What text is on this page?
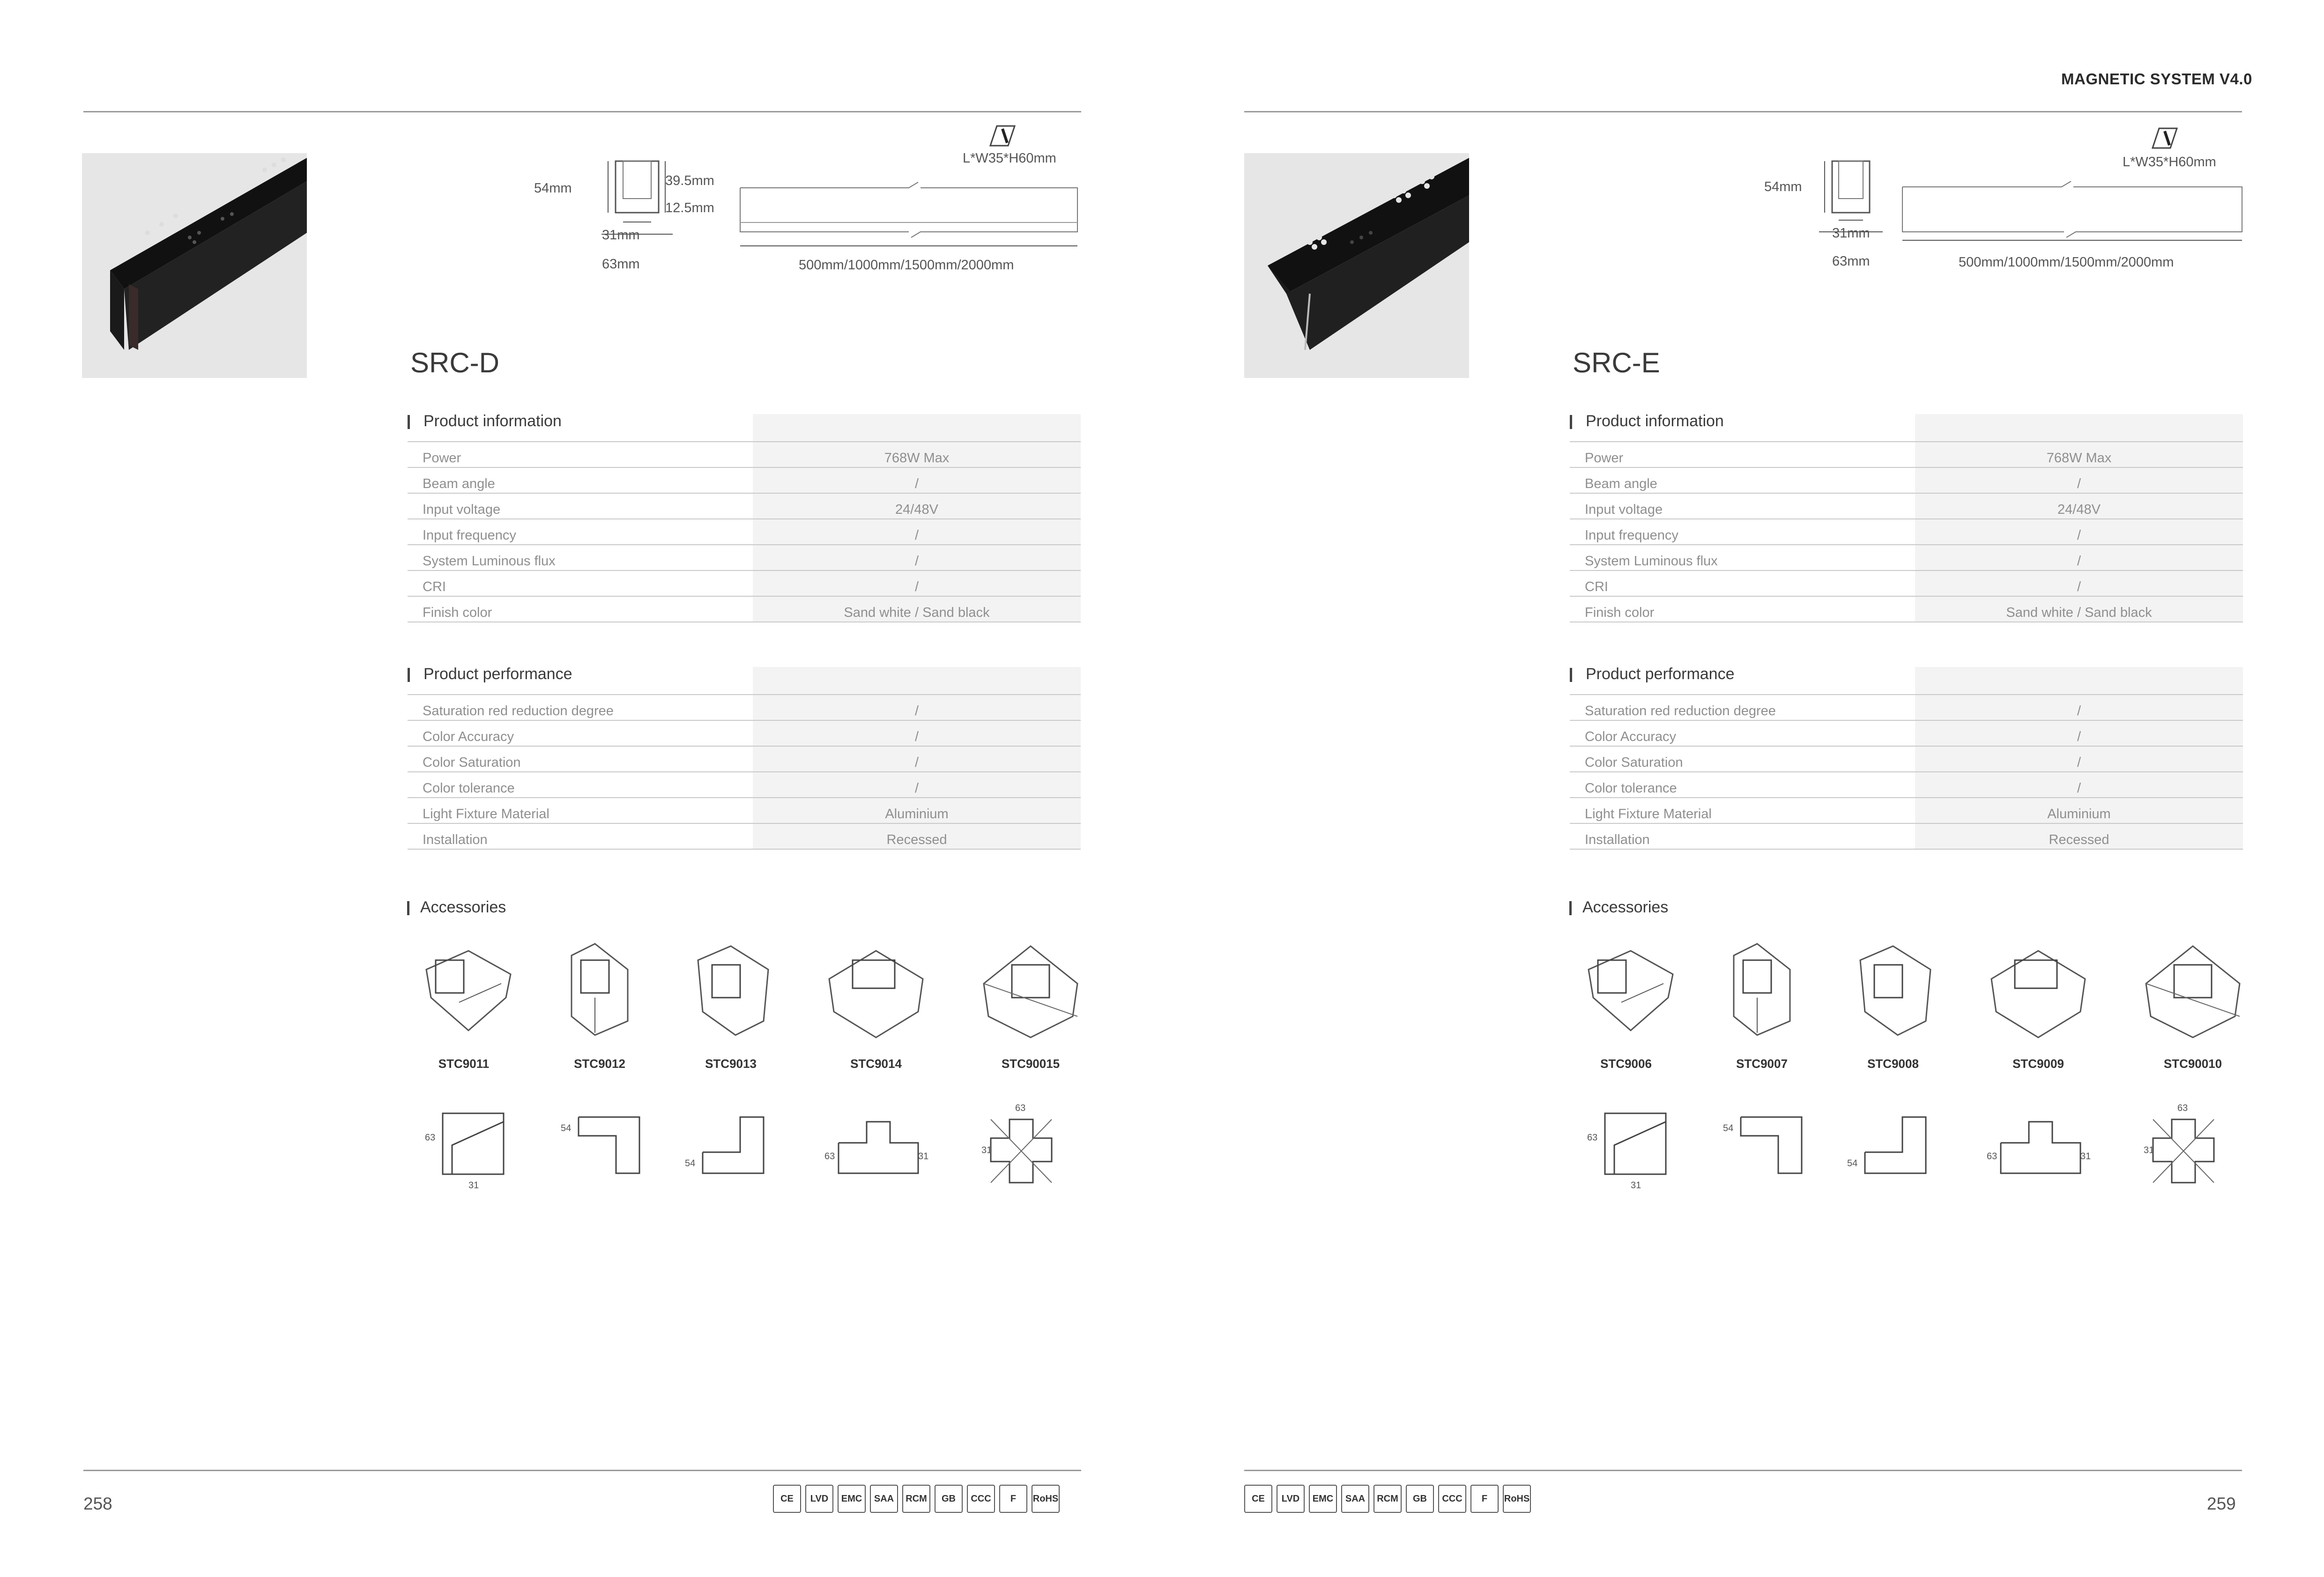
MAGNETIC SYSTEM V4.0
54mm	39.5mm
12.5mm
31mm
63mm
L*W35*H60mm
500mm/1000mm/1500mm/2000mm
SRC-D
Product information

Power	768W Max
Beam angle	/
Input voltage	24/48V
Input frequency	/
System Luminous flux	/
CRI	/
Finish color	Sand white / Sand black
Product performance

Saturation red reduction degree	/
Color Accuracy	/
Color Saturation	/
Color tolerance	/
Light Fixture Material	Aluminium
Installation	Recessed
Accessories
STC9011	STC9012	STC9013	STC9014	STC90015
63
31
54
54
63	31
63
31
258	CE	LVD	EMC	SAA	RCM	GB	CCC	F	RoHS
54mm
31mm
63mm
L*W35*H60mm
500mm/1000mm/1500mm/2000mm
SRC-E
Product information

Power	768W Max
Beam angle	/
Input voltage	24/48V
Input frequency	/
System Luminous flux	/
CRI	/
Finish color	Sand white / Sand black
Product performance

Saturation red reduction degree	/
Color Accuracy	/
Color Saturation	/
Color tolerance	/
Light Fixture Material	Aluminium
Installation	Recessed
Accessories
STC9006	STC9007	STC9008	STC9009	STC90010
63
31
54
54
63	31
63
31
259
CE	LVD	EMC	SAA	RCM	GB	CCC	F	RoHS
